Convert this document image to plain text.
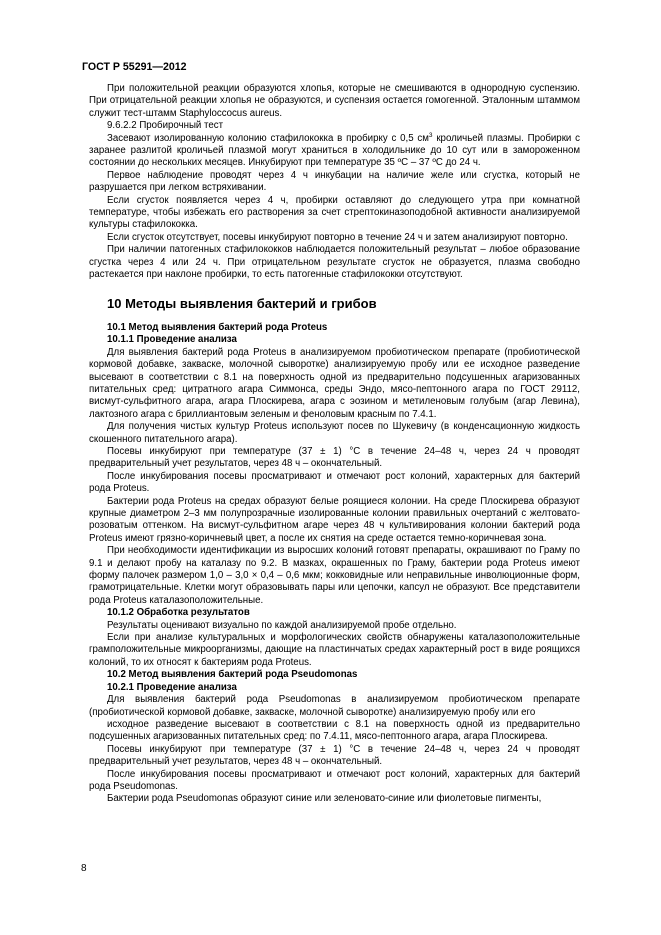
ГОСТ Р 55291—2012

При положительной реакции образуются хлопья, которые не смешиваются в однородную суспензию. При отрицательной реакции хлопья не образуются, и суспензия остается гомогенной. Эталонным штаммом служит тест-штамм Staphyloccocus aureus.

9.6.2.2 Пробирочный тест

Засевают изолированную колонию стафилококка в пробирку с 0,5 $см^3$ кроличьей плазмы. Пробирки с заранее разлитой кроличьей плазмой могут храниться в холодильнике до 10 сут или в замороженном состоянии до нескольких месяцев. Инкубируют при температуре 35 ºС – 37 ºС до 24 ч.

Первое наблюдение проводят через 4 ч инкубации на наличие желе или сгустка, который не разрушается при легком встряхивании.

Если сгусток появляется через 4 ч, пробирки оставляют до следующего утра при комнатной температуре, чтобы избежать его растворения за счет стрептокиназоподобной активности анализируемой культуры стафилококка.

Если сгусток отсутствует, посевы инкубируют повторно в течение 24 ч и затем анализируют повторно.

При наличии патогенных стафилококков наблюдается положительный результат – любое образование сгустка через 4 или 24 ч. При отрицательном результате сгусток не образуется, плазма свободно растекается при наклоне пробирки, то есть патогенные стафилококки отсутствуют.

10 Методы выявления бактерий и грибов

10.1 Метод выявления бактерий рода Proteus

10.1.1 Проведение анализа

Для выявления бактерий рода Proteus в анализируемом пробиотическом препарате (пробиотической кормовой добавке, закваске, молочной сыворотке) анализируемую пробу или ее исходное разведение высевают в соответствии с 8.1 на поверхность одной из предварительно подсушенных агаризованных питательных сред: цитратного агара Симмонса, среды Эндо, мясо-пептонного агара по ГОСТ 29112, висмут-сульфитного агара, агара Плоскирева, агара с эозином и метиленовым голубым (агар Левина), лактозного агара с бриллиантовым зеленым и феноловым красным по 7.4.1.

Для получения чистых культур Proteus используют посев по Шукевичу (в конденсационную жидкость скошенного питательного агара).

Посевы инкубируют при температуре (37 ± 1) °С в течение 24–48 ч, через 24 ч проводят предварительный учет результатов, через 48 ч – окончательный.

После инкубирования посевы просматривают и отмечают рост колоний, характерных для бактерий рода Proteus.

Бактерии рода Proteus на средах образуют белые роящиеся колонии. На среде Плоскирева образуют крупные диаметром 2–3 мм полупрозрачные изолированные колонии правильных очертаний с желтовато-розоватым оттенком. На висмут-сульфитном агаре через 48 ч культивирования колонии бактерий рода Proteus имеют грязно-коричневый цвет, а после их снятия на среде остается темно-коричневая зона.

При необходимости идентификации из выросших колоний готовят препараты, окрашивают по Граму по 9.1 и делают пробу на каталазу по 9.2. В мазках, окрашенных по Граму, бактерии рода Proteus имеют форму палочек размером 1,0 – 3,0 × 0,4 – 0,6 мкм; кокковидные или неправильные инволюционные форм, грамотрицательные. Клетки могут образовывать пары или цепочки, капсул не образуют. Все представители рода Proteus каталазоположительные.

10.1.2 Обработка результатов

Результаты оценивают визуально по каждой анализируемой пробе отдельно.

Если при анализе культуральных и морфологических свойств обнаружены каталазоположительные грамположительные микроорганизмы, дающие на пластинчатых средах характерный рост в виде роящихся колоний, то их относят к бактериям рода Proteus.

10.2 Метод выявления бактерий рода Pseudomonas

10.2.1 Проведение анализа

Для выявления бактерий рода Pseudomonas в анализируемом пробиотическом препарате (пробиотической кормовой добавке, закваске, молочной сыворотке) анализируемую пробу или его

исходное разведение высевают в соответствии с 8.1 на поверхность одной из предварительно подсушенных агаризованных питательных сред: по 7.4.11, мясо-пептонного агара, агара Плоскирева.

Посевы инкубируют при температуре (37 ± 1) °С в течение 24–48 ч, через 24 ч проводят предварительный учет результатов, через 48 ч – окончательный.

После инкубирования посевы просматривают и отмечают рост колоний, характерных для бактерий рода Pseudomonas.

Бактерии рода Pseudomonas образуют синие или зеленовато-синие или фиолетовые пигменты,

8
